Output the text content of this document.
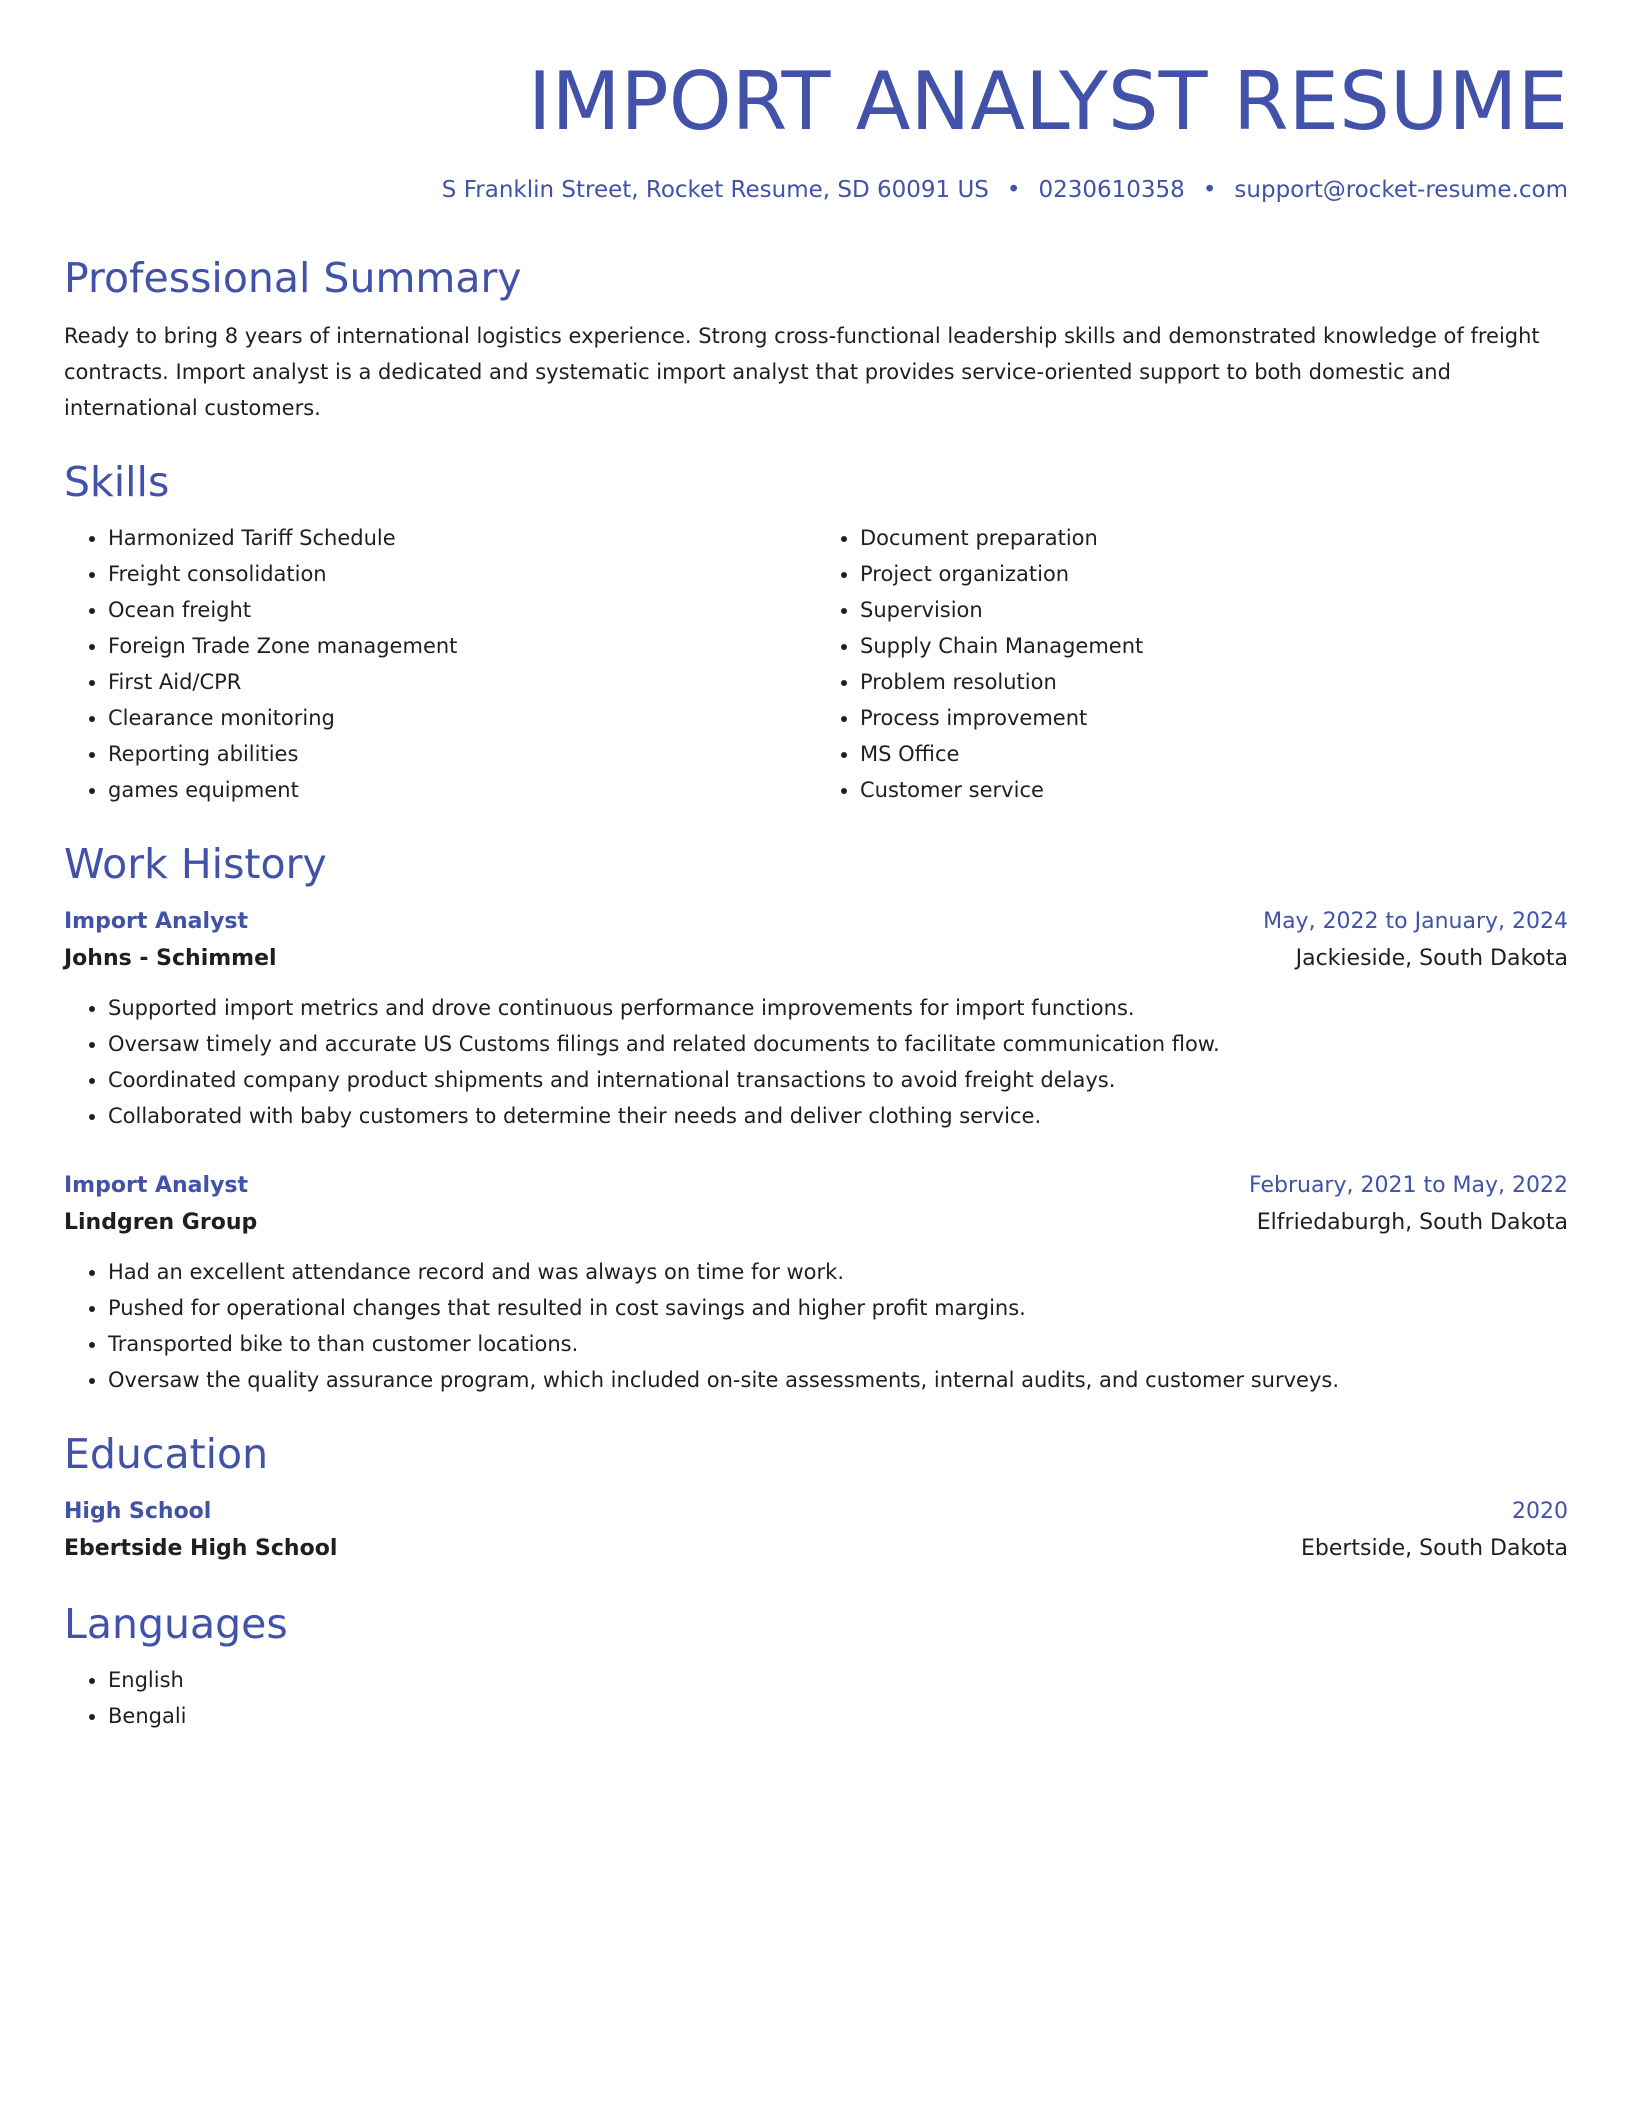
IMPORT ANALYST RESUME
S Franklin Street, Rocket Resume, SD 60091 US • 0230610358 • support@rocket-resume.com
Professional Summary

Ready to bring 8 years of international logistics experience. Strong cross-functional leadership skills and demonstrated knowledge of freight contracts. Import analyst is a dedicated and systematic import analyst that provides service-oriented support to both domestic and international customers.

Skills
• Harmonized Tariff Schedule
• Freight consolidation
• Ocean freight
• Foreign Trade Zone management
• First Aid/CPR
• Clearance monitoring
• Reporting abilities
• games equipment
• Document preparation
• Project organization
• Supervision
• Supply Chain Management
• Problem resolution
• Process improvement
• MS Office
• Customer service
Work History
Import Analyst	May, 2022 to January, 2024
Johns - Schimmel	Jackieside, South Dakota
• Supported import metrics and drove continuous performance improvements for import functions.
• Oversaw timely and accurate US Customs filings and related documents to facilitate communication flow.
• Coordinated company product shipments and international transactions to avoid freight delays.
• Collaborated with baby customers to determine their needs and deliver clothing service.
Import Analyst	February, 2021 to May, 2022
Lindgren Group	Elfriedaburgh, South Dakota
• Had an excellent attendance record and was always on time for work.
• Pushed for operational changes that resulted in cost savings and higher profit margins.
• Transported bike to than customer locations.
• Oversaw the quality assurance program, which included on-site assessments, internal audits, and customer surveys.
Education
High School	2020
Ebertside High School	Ebertside, South Dakota
Languages
• English
• Bengali
